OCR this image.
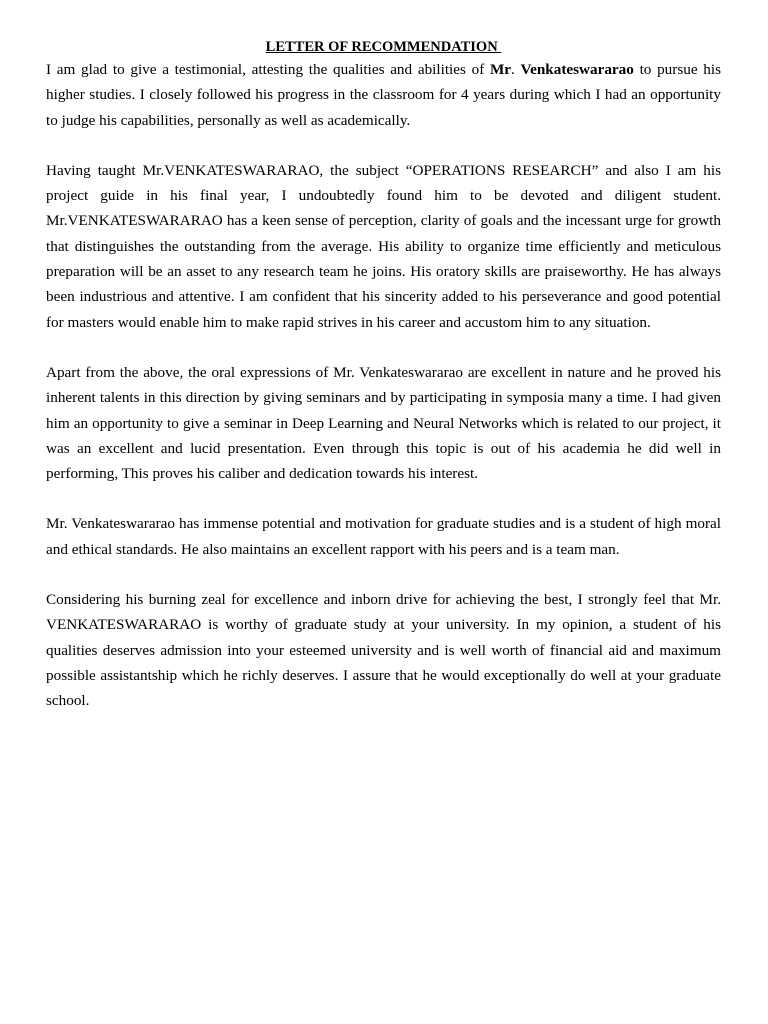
LETTER OF RECOMMENDATION

I am glad to give a testimonial, attesting the qualities and abilities of Mr. Venkateswararao to pursue his higher studies. I closely followed his progress in the classroom for 4 years during which I had an opportunity to judge his capabilities, personally as well as academically.

Having taught Mr.VENKATESWARARAO, the subject “OPERATIONS RESEARCH” and also I am his project guide in his final year, I undoubtedly found him to be devoted and diligent student. Mr.VENKATESWARARAO has a keen sense of perception, clarity of goals and the incessant urge for growth that distinguishes the outstanding from the average. His ability to organize time efficiently and meticulous preparation will be an asset to any research team he joins. His oratory skills are praiseworthy. He has always been industrious and attentive. I am confident that his sincerity added to his perseverance and good potential for masters would enable him to make rapid strives in his career and accustom him to any situation.

Apart from the above, the oral expressions of Mr. Venkateswararao are excellent in nature and he proved his inherent talents in this direction by giving seminars and by participating in symposia many a time. I had given him an opportunity to give a seminar in Deep Learning and Neural Networks which is related to our project, it was an excellent and lucid presentation. Even through this topic is out of his academia he did well in performing, This proves his caliber and dedication towards his interest.

Mr. Venkateswararao has immense potential and motivation for graduate studies and is a student of high moral and ethical standards. He also maintains an excellent rapport with his peers and is a team man.

Considering his burning zeal for excellence and inborn drive for achieving the best, I strongly feel that Mr. VENKATESWARARAO is worthy of graduate study at your university. In my opinion, a student of his qualities deserves admission into your esteemed university and is well worth of financial aid and maximum possible assistantship which he richly deserves. I assure that he would exceptionally do well at your graduate school.
